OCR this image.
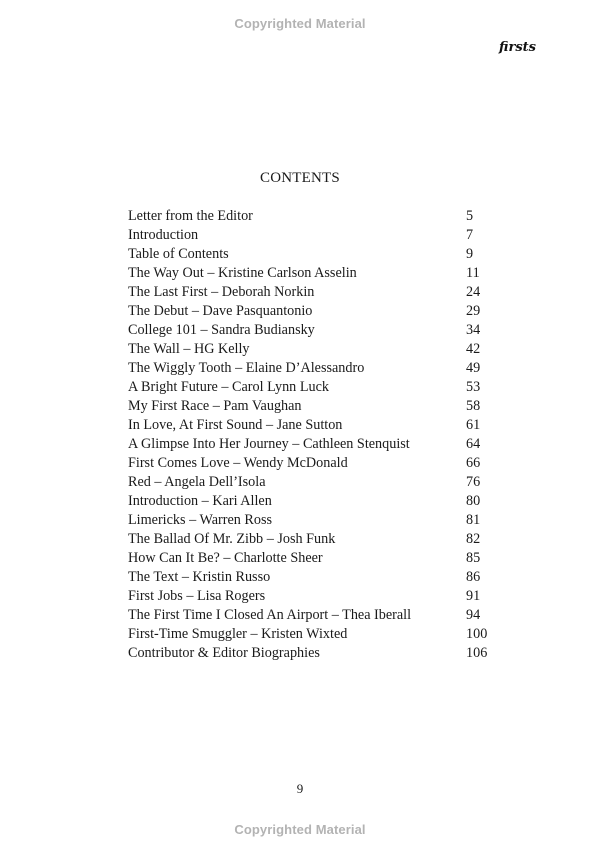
Copyrighted Material
firsts
CONTENTS
Letter from the Editor	5
Introduction	7
Table of Contents	9
The Way Out – Kristine Carlson Asselin	11
The Last First – Deborah Norkin	24
The Debut – Dave Pasquantonio	29
College 101 – Sandra Budiansky	34
The Wall – HG Kelly	42
The Wiggly Tooth – Elaine D’Alessandro	49
A Bright Future – Carol Lynn Luck	53
My First Race – Pam Vaughan	58
In Love, At First Sound – Jane Sutton	61
A Glimpse Into Her Journey – Cathleen Stenquist	64
First Comes Love – Wendy McDonald	66
Red – Angela Dell’Isola	76
Introduction – Kari Allen	80
Limericks – Warren Ross	81
The Ballad Of Mr. Zibb – Josh Funk	82
How Can It Be? – Charlotte Sheer	85
The Text – Kristin Russo	86
First Jobs – Lisa Rogers	91
The First Time I Closed An Airport – Thea Iberall	94
First-Time Smuggler – Kristen Wixted	100
Contributor & Editor Biographies	106
9
Copyrighted Material
